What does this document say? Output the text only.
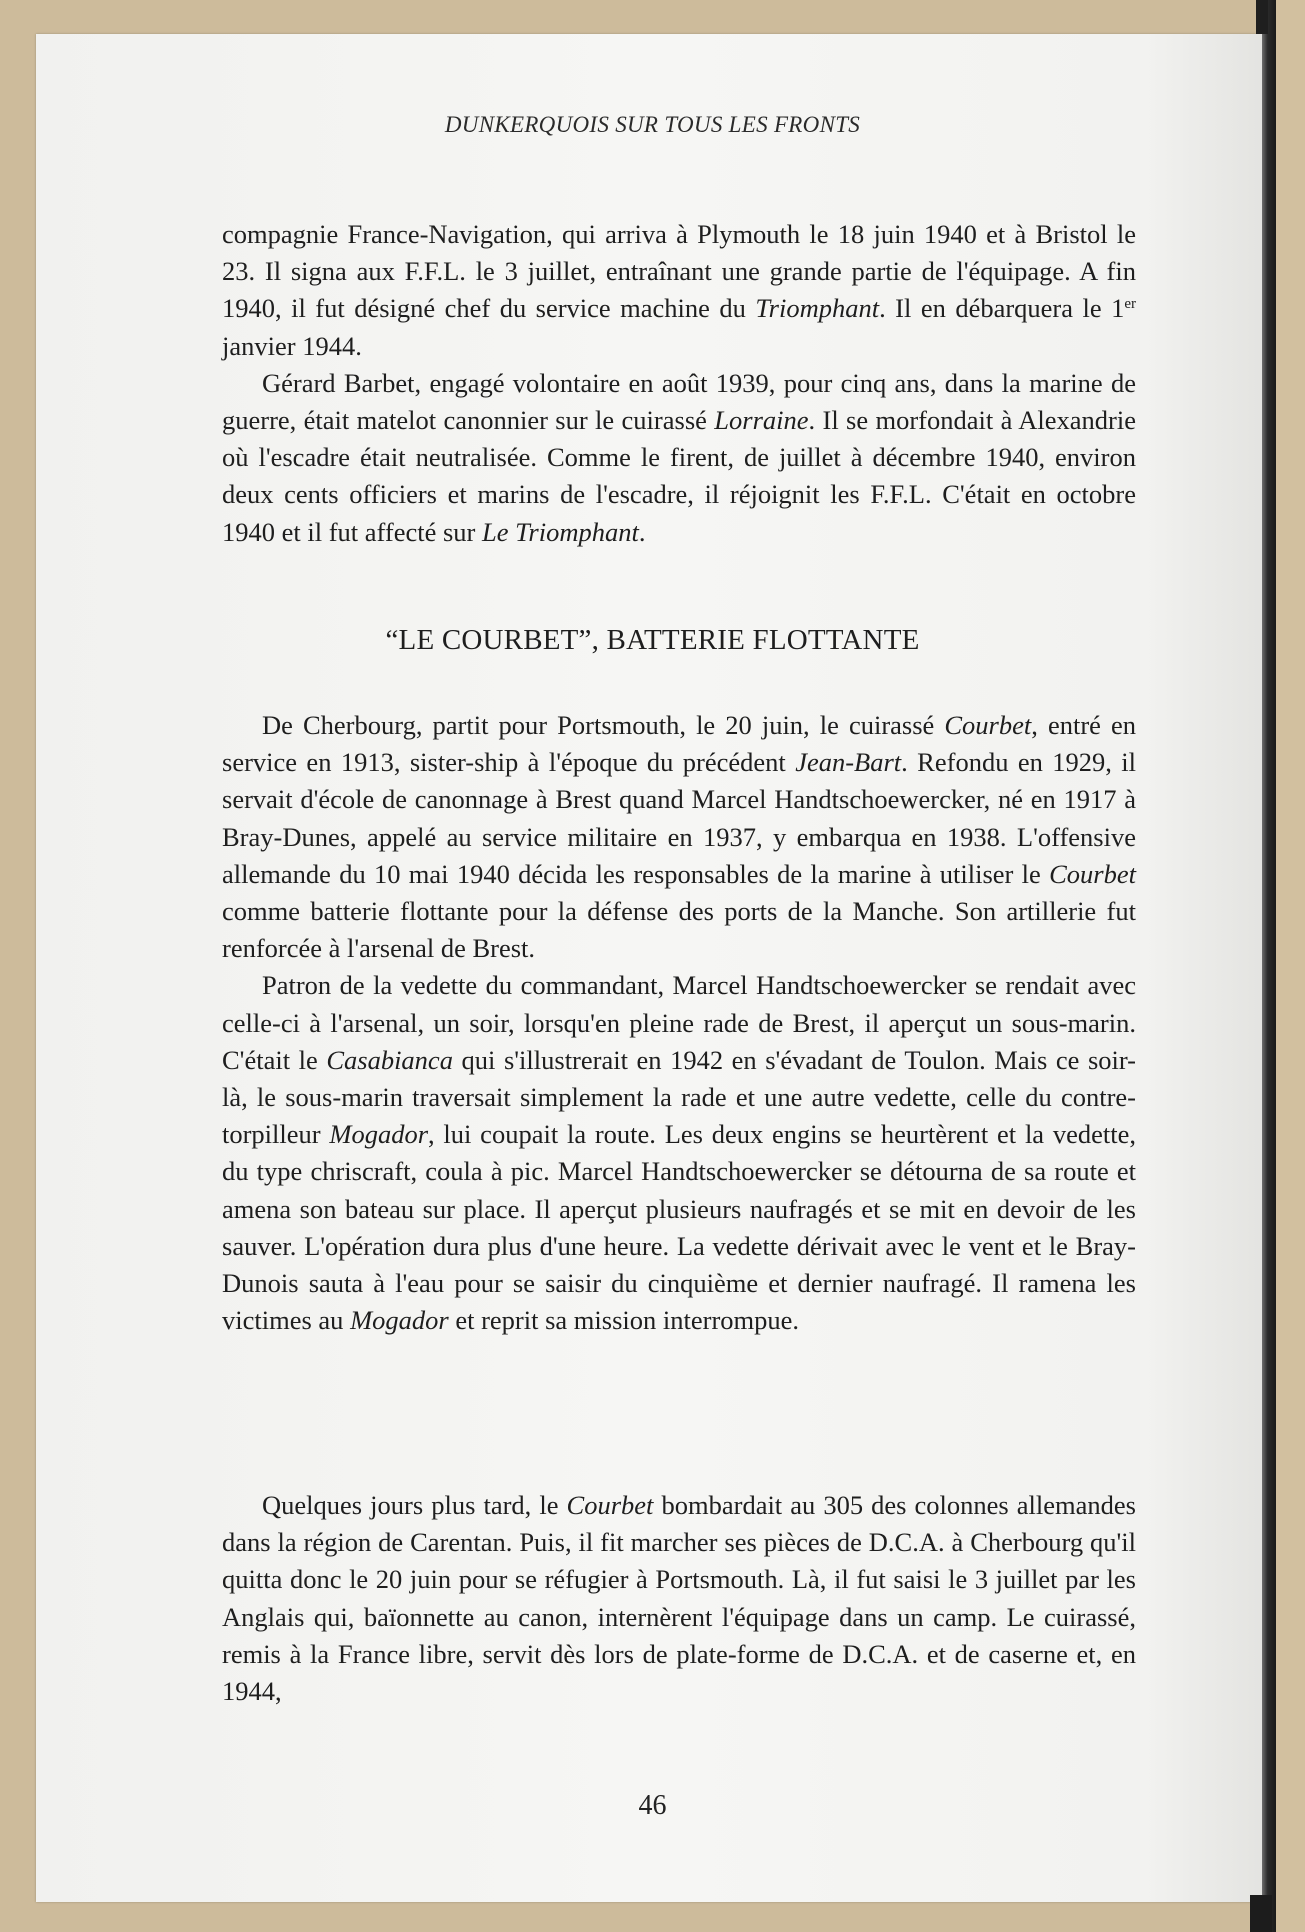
DUNKERQUOIS SUR TOUS LES FRONTS

compagnie France-Navigation, qui arriva à Plymouth le 18 juin 1940 et à Bristol le 23. Il signa aux F.F.L. le 3 juillet, entraînant une grande partie de l'équipage. A fin 1940, il fut désigné chef du service machine du Triomphant. Il en débarquera le 1er janvier 1944.

Gérard Barbet, engagé volontaire en août 1939, pour cinq ans, dans la marine de guerre, était matelot canonnier sur le cuirassé Lorraine. Il se morfondait à Alexandrie où l'escadre était neutralisée. Comme le firent, de juillet à décembre 1940, environ deux cents officiers et marins de l'escadre, il réjoignit les F.F.L. C'était en octobre 1940 et il fut affecté sur Le Triomphant.

“LE COURBET”, BATTERIE FLOTTANTE

De Cherbourg, partit pour Portsmouth, le 20 juin, le cuirassé Courbet, entré en service en 1913, sister-ship à l'époque du précédent Jean-Bart. Refondu en 1929, il servait d'école de canonnage à Brest quand Marcel Handtschoewercker, né en 1917 à Bray-Dunes, appelé au service militaire en 1937, y embarqua en 1938. L'offensive allemande du 10 mai 1940 décida les responsables de la marine à utiliser le Courbet comme batterie flottante pour la défense des ports de la Manche. Son artillerie fut renforcée à l'arsenal de Brest.

Patron de la vedette du commandant, Marcel Handtschoewercker se rendait avec celle-ci à l'arsenal, un soir, lorsqu'en pleine rade de Brest, il aperçut un sous-marin. C'était le Casabianca qui s'illustrerait en 1942 en s'évadant de Toulon. Mais ce soir-là, le sous-marin traversait simplement la rade et une autre vedette, celle du contre-torpilleur Mogador, lui coupait la route. Les deux engins se heurtèrent et la vedette, du type chriscraft, coula à pic. Marcel Handtschoewercker se détourna de sa route et amena son bateau sur place. Il aperçut plusieurs naufragés et se mit en devoir de les sauver. L'opération dura plus d'une heure. La vedette dérivait avec le vent et le Bray-Dunois sauta à l'eau pour se saisir du cinquième et dernier naufragé. Il ramena les victimes au Mogador et reprit sa mission interrompue.

Quelques jours plus tard, le Courbet bombardait au 305 des colonnes allemandes dans la région de Carentan. Puis, il fit marcher ses pièces de D.C.A. à Cherbourg qu'il quitta donc le 20 juin pour se réfugier à Portsmouth. Là, il fut saisi le 3 juillet par les Anglais qui, baïonnette au canon, internèrent l'équipage dans un camp. Le cuirassé, remis à la France libre, servit dès lors de plate-forme de D.C.A. et de caserne et, en 1944,

46
